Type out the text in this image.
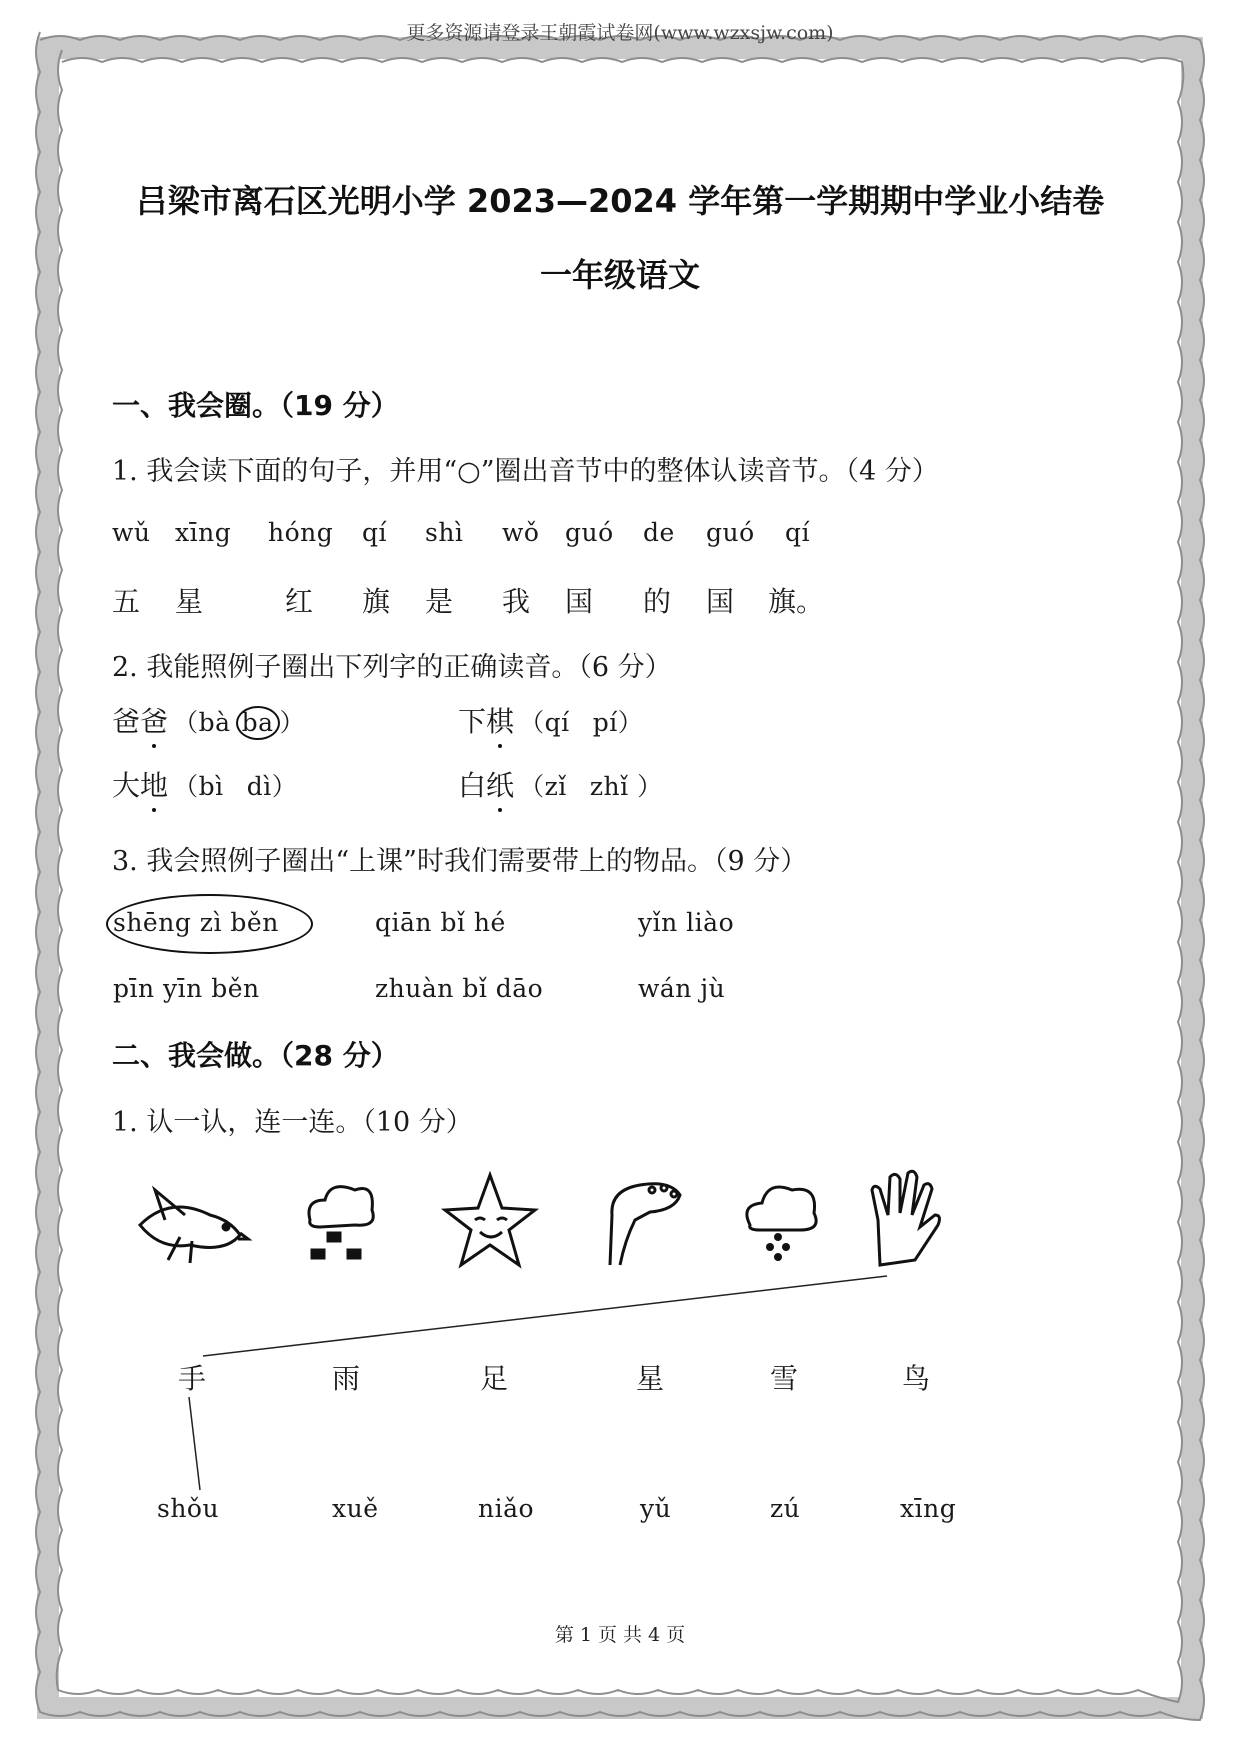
更多资源请登录王朝霞试卷网(www.wzxsjw.com)
吕梁市离石区光明小学 2023—2024 学年第一学期期中学业小结卷
一年级语文
一、我会圈。（19 分）
1. 我会读下面的句子，并用“○”圈出音节中的整体认读音节。（4 分）
wǔ xīng hóng qí shì wǒ guó de guó qí
五 星	红 旗 是 我 国 的 国 旗。
2. 我能照例子圈出下列字的正确读音。（6 分）
爸爸 （bà ba ）	下棋 （qí pí）
大地 （bì dì）	白纸 （zǐ zhǐ ）
3. 我会照例子圈出“上课”时我们需要带上的物品。（9 分）
shēng zì běn	qiān bǐ hé	yǐn liào
pīn yīn běn	zhuàn bǐ dāo	wán jù
二、我会做。（28 分）
1. 认一认，连一连。（10 分）
手	雨	足	星	雪	鸟
shǒu	xuě	niǎo	yǔ	zú	xīng
第 1 页 共 4 页
